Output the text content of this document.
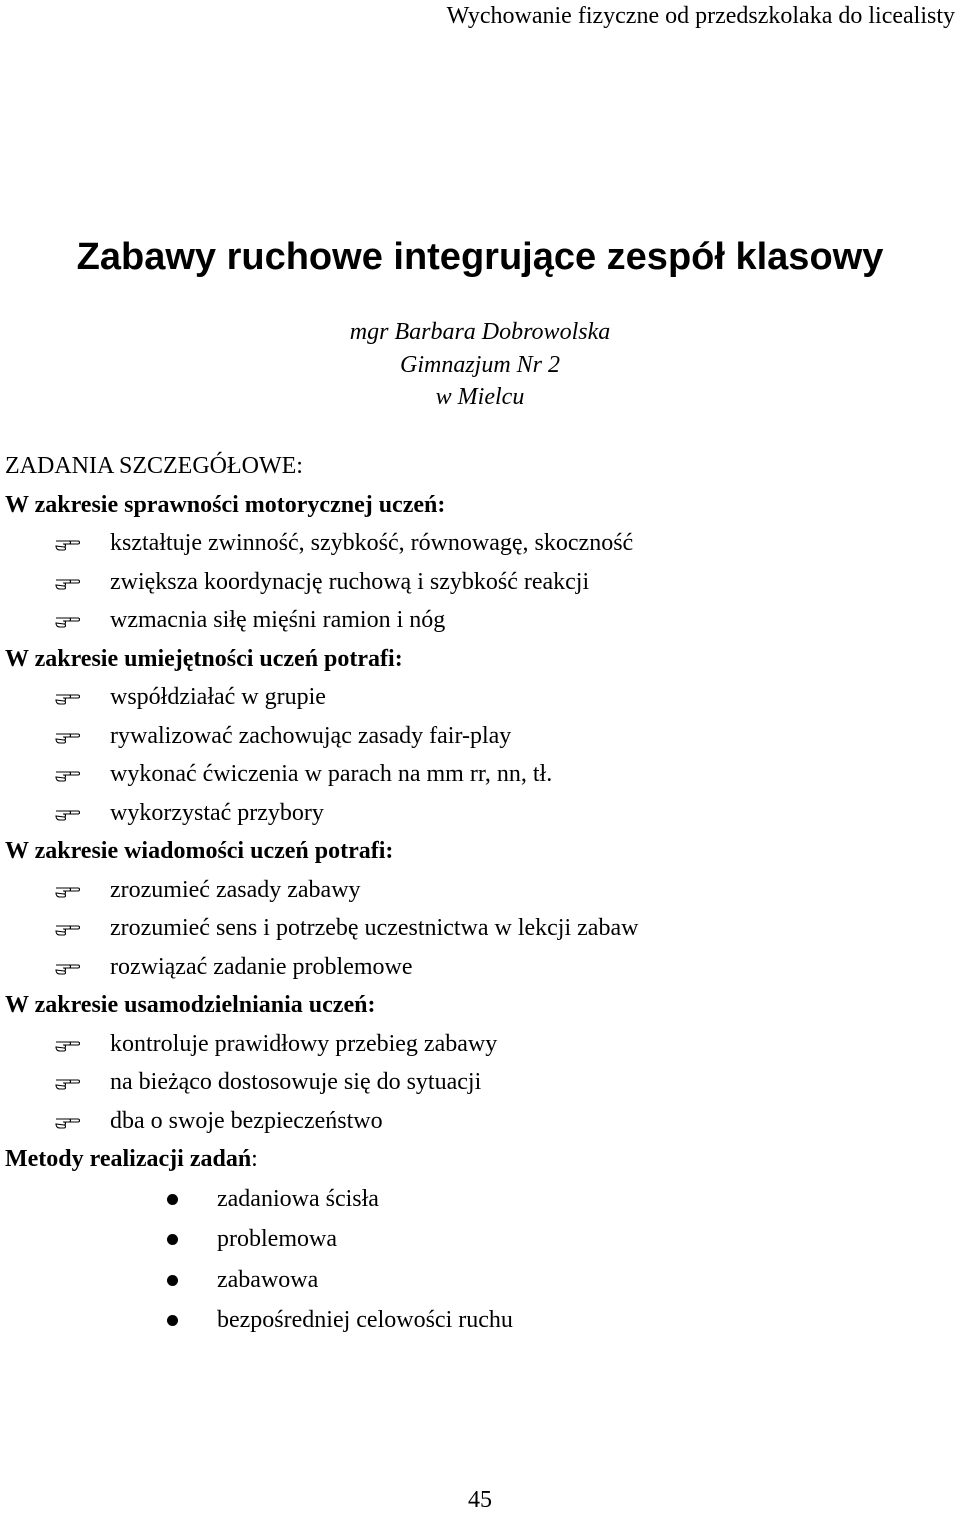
Wychowanie fizyczne od przedszkolaka do licealisty
Zabawy ruchowe integrujące zespół klasowy
mgr Barbara Dobrowolska
Gimnazjum Nr 2
w Mielcu
ZADANIA SZCZEGÓŁOWE:
W zakresie sprawności motorycznej uczeń:
kształtuje zwinność, szybkość, równowagę, skoczność
zwiększa koordynację ruchową i szybkość reakcji
wzmacnia siłę mięśni ramion i nóg
W zakresie umiejętności uczeń potrafi:
współdziałać w grupie
rywalizować zachowując zasady fair-play
wykonać ćwiczenia w parach na mm rr, nn, tł.
wykorzystać przybory
W zakresie wiadomości uczeń potrafi:
zrozumieć zasady zabawy
zrozumieć sens i potrzebę uczestnictwa w lekcji zabaw
rozwiązać zadanie problemowe
W zakresie usamodzielniania uczeń:
kontroluje prawidłowy przebieg zabawy
na bieżąco dostosowuje się do sytuacji
dba o swoje bezpieczeństwo
Metody realizacji zadań:
zadaniowa ścisła
problemowa
zabawowa
bezpośredniej celowości ruchu
45
